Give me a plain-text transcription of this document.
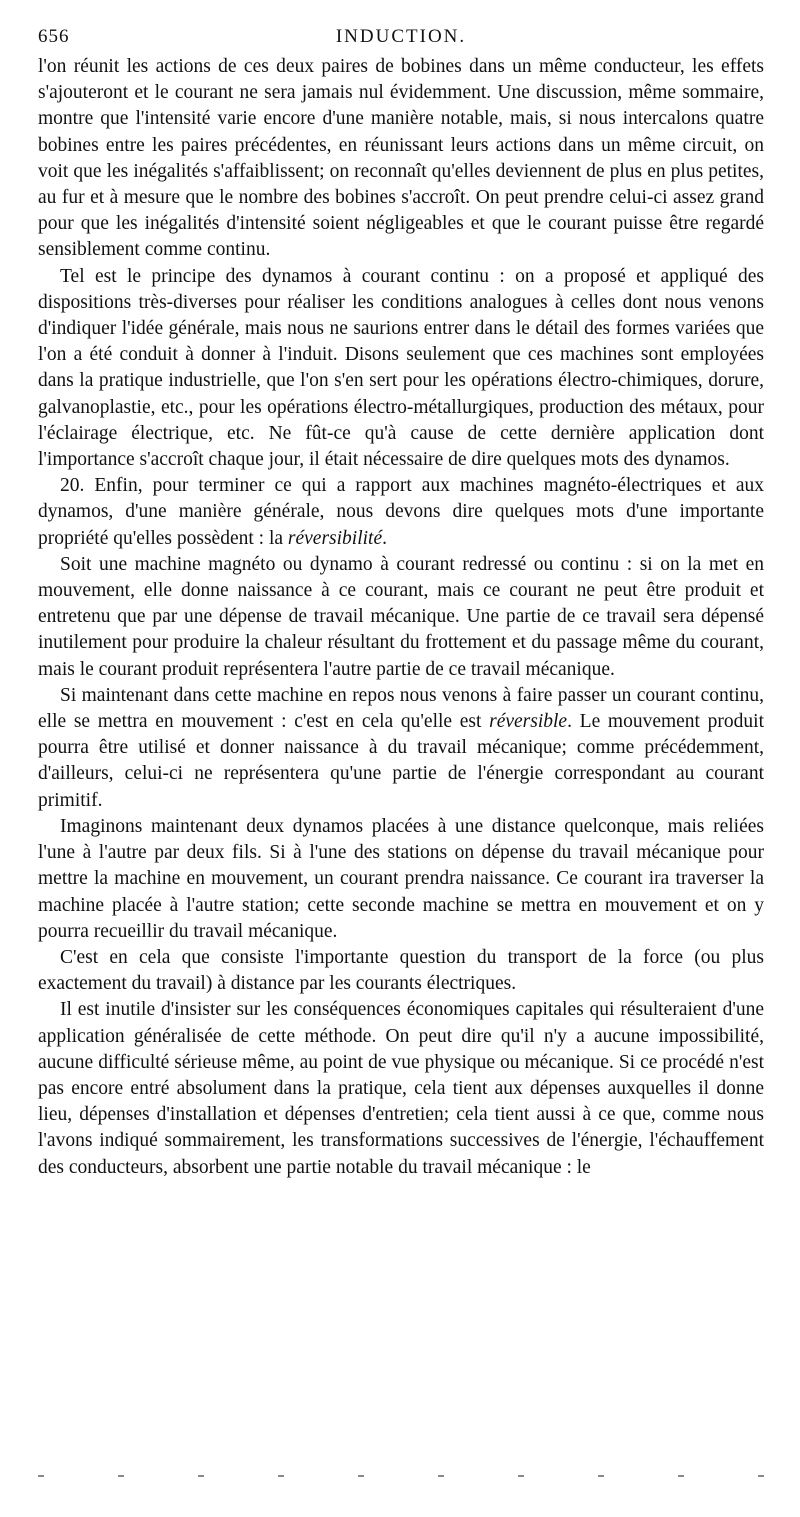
656	INDUCTION.

l'on réunit les actions de ces deux paires de bobines dans un même conducteur, les effets s'ajouteront et le courant ne sera jamais nul évidemment. Une discussion, même sommaire, montre que l'intensité varie encore d'une manière notable, mais, si nous intercalons quatre bobines entre les paires précédentes, en réunissant leurs actions dans un même circuit, on voit que les inégalités s'affaiblissent; on reconnaît qu'elles deviennent de plus en plus petites, au fur et à mesure que le nombre des bobines s'accroît. On peut prendre celui-ci assez grand pour que les inégalités d'intensité soient négligeables et que le courant puisse être regardé sensiblement comme continu.

Tel est le principe des dynamos à courant continu : on a proposé et appliqué des dispositions très-diverses pour réaliser les conditions analogues à celles dont nous venons d'indiquer l'idée générale, mais nous ne saurions entrer dans le détail des formes variées que l'on a été conduit à donner à l'induit. Disons seulement que ces machines sont employées dans la pratique industrielle, que l'on s'en sert pour les opérations électro-chimiques, dorure, galvanoplastie, etc., pour les opérations électro-métallurgiques, production des métaux, pour l'éclairage électrique, etc. Ne fût-ce qu'à cause de cette dernière application dont l'importance s'accroît chaque jour, il était nécessaire de dire quelques mots des dynamos.

20. Enfin, pour terminer ce qui a rapport aux machines magnéto-électriques et aux dynamos, d'une manière générale, nous devons dire quelques mots d'une importante propriété qu'elles possèdent : la réversibilité.

Soit une machine magnéto ou dynamo à courant redressé ou continu : si on la met en mouvement, elle donne naissance à ce courant, mais ce courant ne peut être produit et entretenu que par une dépense de travail mécanique. Une partie de ce travail sera dépensé inutilement pour produire la chaleur résultant du frottement et du passage même du courant, mais le courant produit représentera l'autre partie de ce travail mécanique.

Si maintenant dans cette machine en repos nous venons à faire passer un courant continu, elle se mettra en mouvement : c'est en cela qu'elle est réversible. Le mouvement produit pourra être utilisé et donner naissance à du travail mécanique; comme précédemment, d'ailleurs, celui-ci ne représentera qu'une partie de l'énergie correspondant au courant primitif.

Imaginons maintenant deux dynamos placées à une distance quelconque, mais reliées l'une à l'autre par deux fils. Si à l'une des stations on dépense du travail mécanique pour mettre la machine en mouvement, un courant prendra naissance. Ce courant ira traverser la machine placée à l'autre station; cette seconde machine se mettra en mouvement et on y pourra recueillir du travail mécanique.

C'est en cela que consiste l'importante question du transport de la force (ou plus exactement du travail) à distance par les courants électriques.

Il est inutile d'insister sur les conséquences économiques capitales qui résulteraient d'une application généralisée de cette méthode. On peut dire qu'il n'y a aucune impossibilité, aucune difficulté sérieuse même, au point de vue physique ou mécanique. Si ce procédé n'est pas encore entré absolument dans la pratique, cela tient aux dépenses auxquelles il donne lieu, dépenses d'installation et dépenses d'entretien; cela tient aussi à ce que, comme nous l'avons indiqué sommairement, les transformations successives de l'énergie, l'échauffement des conducteurs, absorbent une partie notable du travail mécanique : le
